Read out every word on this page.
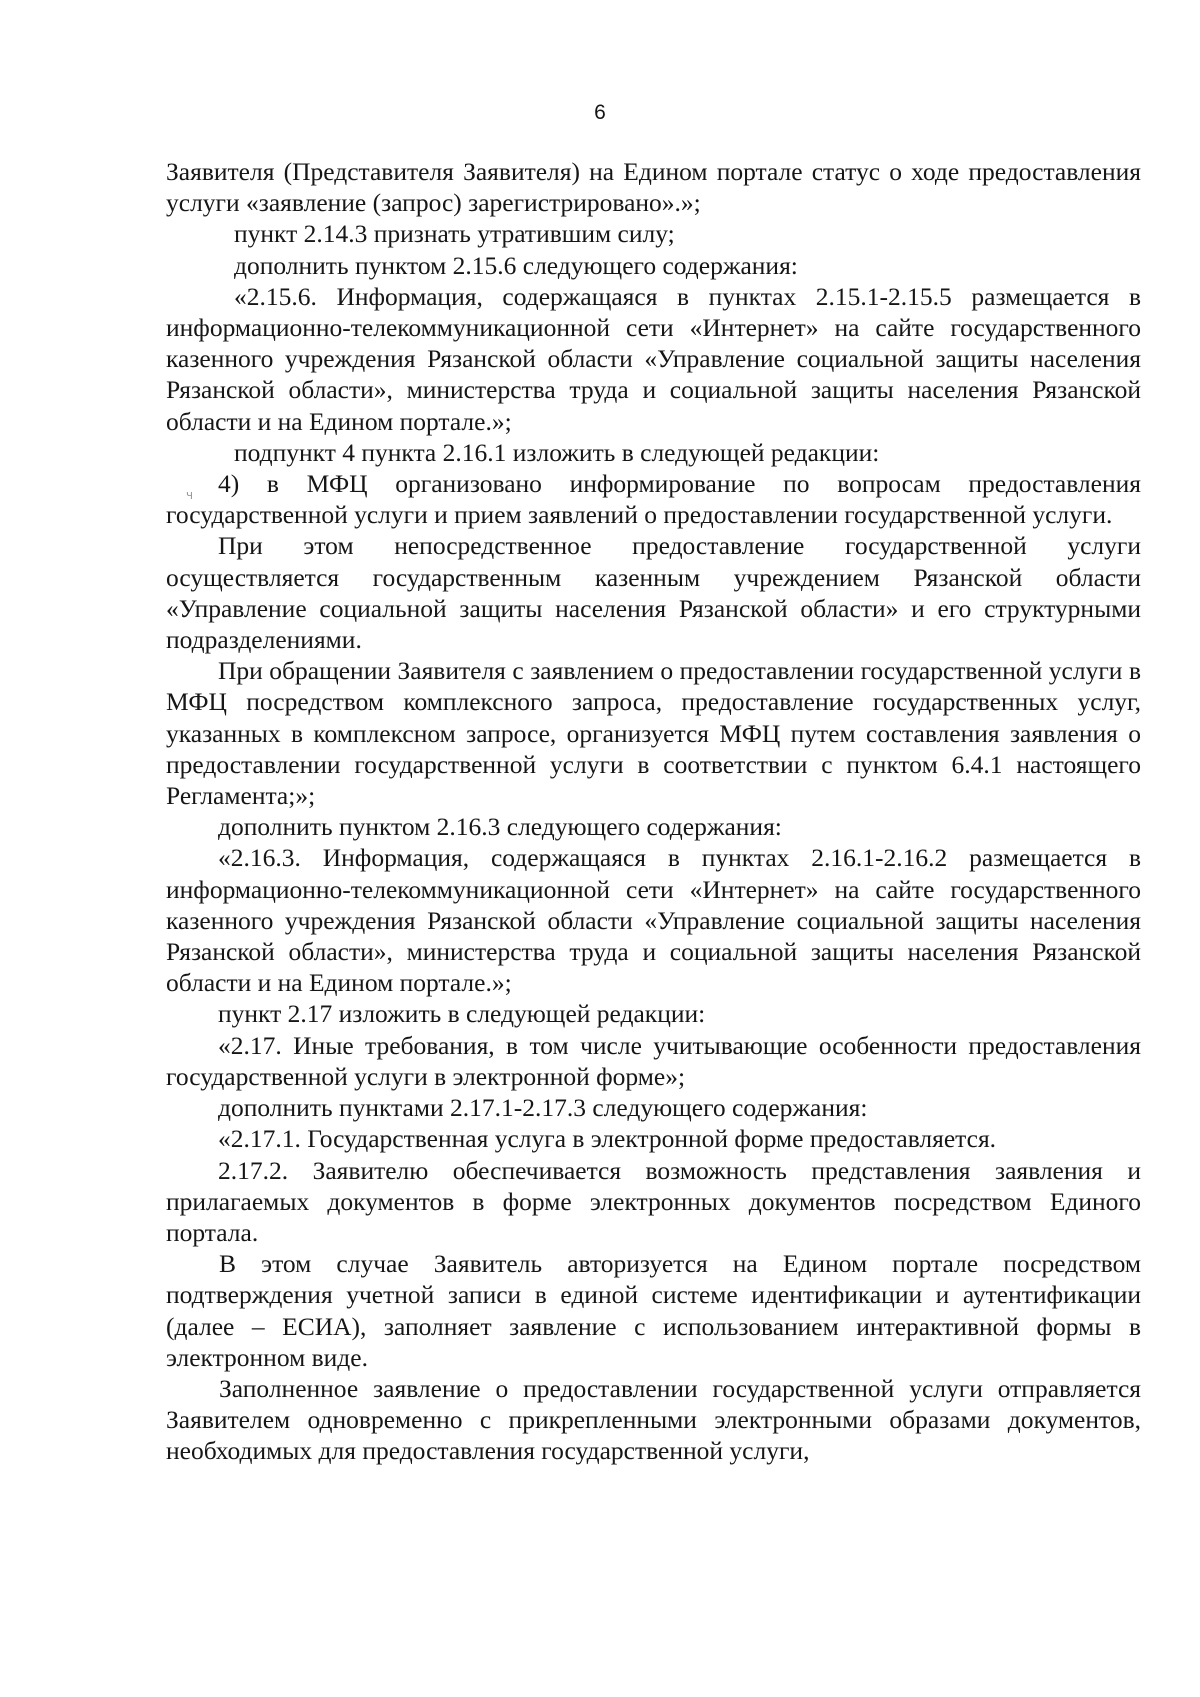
6

Заявителя (Представителя Заявителя) на Едином портале статус о ходе предоставления услуги «заявление (запрос) зарегистрировано».»;

пункт 2.14.3 признать утратившим силу;

дополнить пунктом 2.15.6 следующего содержания:

«2.15.6. Информация, содержащаяся в пунктах 2.15.1-2.15.5 размещается в информационно-телекоммуникационной сети «Интернет» на сайте государственного казенного учреждения Рязанской области «Управление социальной защиты населения Рязанской области», министерства труда и социальной защиты населения Рязанской области и на Едином портале.»;

подпункт 4 пункта 2.16.1 изложить в следующей редакции:

4) в МФЦ организовано информирование по вопросам предоставления государственной услуги и прием заявлений о предоставлении государственной услуги.

При этом непосредственное предоставление государственной услуги осуществляется государственным казенным учреждением Рязанской области «Управление социальной защиты населения Рязанской области» и его структурными подразделениями.

При обращении Заявителя с заявлением о предоставлении государственной услуги в МФЦ посредством комплексного запроса, предоставление государственных услуг, указанных в комплексном запросе, организуется МФЦ путем составления заявления о предоставлении государственной услуги в соответствии с пунктом 6.4.1 настоящего Регламента;»;

дополнить пунктом 2.16.3 следующего содержания:

«2.16.3. Информация, содержащаяся в пунктах 2.16.1-2.16.2 размещается в информационно-телекоммуникационной сети «Интернет» на сайте государственного казенного учреждения Рязанской области «Управление социальной защиты населения Рязанской области», министерства труда и социальной защиты населения Рязанской области и на Едином портале.»;

пункт 2.17 изложить в следующей редакции:

«2.17. Иные требования, в том числе учитывающие особенности предоставления государственной услуги в электронной форме»;

дополнить пунктами 2.17.1-2.17.3 следующего содержания:

«2.17.1. Государственная услуга в электронной форме предоставляется.

2.17.2. Заявителю обеспечивается возможность представления заявления и прилагаемых документов в форме электронных документов посредством Единого портала.

В этом случае Заявитель авторизуется на Едином портале посредством подтверждения учетной записи в единой системе идентификации и аутентификации (далее – ЕСИА), заполняет заявление с использованием интерактивной формы в электронном виде.

Заполненное заявление о предоставлении государственной услуги отправляется Заявителем одновременно с прикрепленными электронными образами документов, необходимых для предоставления государственной услуги,

ч
